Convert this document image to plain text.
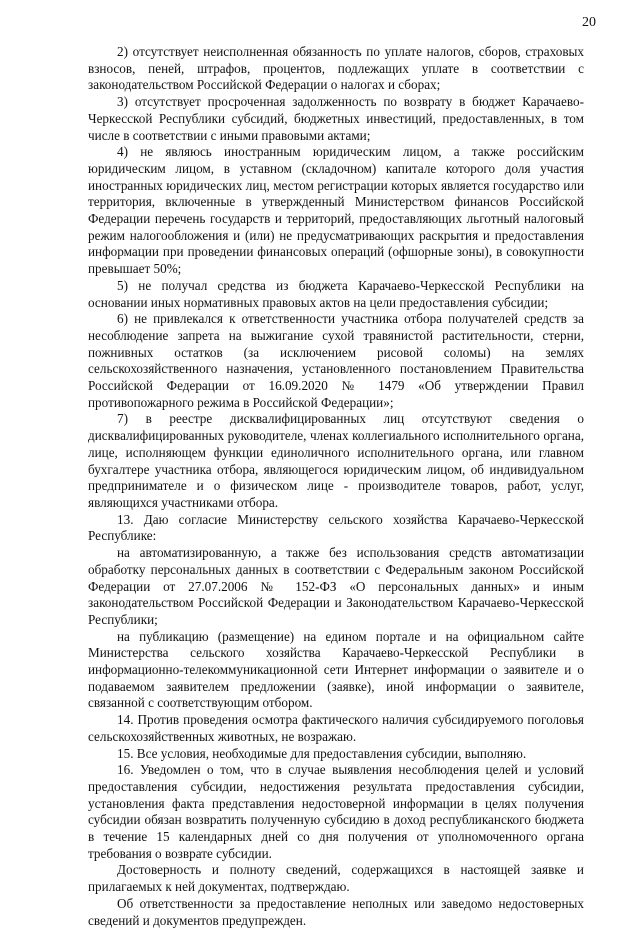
20

2) отсутствует неисполненная обязанность по уплате налогов, сборов, страховых взносов, пеней, штрафов, процентов, подлежащих уплате в соответствии с законодательством Российской Федерации о налогах и сборах;

3) отсутствует просроченная задолженность по возврату в бюджет Карачаево-Черкесской Республики субсидий, бюджетных инвестиций, предоставленных, в том числе в соответствии с иными правовыми актами;

4) не являюсь иностранным юридическим лицом, а также российским юридическим лицом, в уставном (складочном) капитале которого доля участия иностранных юридических лиц, местом регистрации которых является государство или территория, включенные в утвержденный Министерством финансов Российской Федерации перечень государств и территорий, предоставляющих льготный налоговый режим налогообложения и (или) не предусматривающих раскрытия и предоставления информации при проведении финансовых операций (офшорные зоны), в совокупности превышает 50%;

5) не получал средства из бюджета Карачаево-Черкесской Республики на основании иных нормативных правовых актов на цели предоставления субсидии;

6) не привлекался к ответственности участника отбора получателей средств за несоблюдение запрета на выжигание сухой травянистой растительности, стерни, пожнивных остатков (за исключением рисовой соломы) на землях сельскохозяйственного назначения, установленного постановлением Правительства Российской Федерации от 16.09.2020 № 1479 «Об утверждении Правил противопожарного режима в Российской Федерации»;

7) в реестре дисквалифицированных лиц отсутствуют сведения о дисквалифицированных руководителе, членах коллегиального исполнительного органа, лице, исполняющем функции единоличного исполнительного органа, или главном бухгалтере участника отбора, являющегося юридическим лицом, об индивидуальном предпринимателе и о физическом лице - производителе товаров, работ, услуг, являющихся участниками отбора.

13. Даю согласие Министерству сельского хозяйства Карачаево-Черкесской Республике:

на автоматизированную, а также без использования средств автоматизации обработку персональных данных в соответствии с Федеральным законом Российской Федерации от 27.07.2006 № 152-ФЗ «О персональных данных» и иным законодательством Российской Федерации и Законодательством Карачаево-Черкесской Республики;

на публикацию (размещение) на едином портале и на официальном сайте Министерства сельского хозяйства Карачаево-Черкесской Республики в информационно-телекоммуникационной сети Интернет информации о заявителе и о подаваемом заявителем предложении (заявке), иной информации о заявителе, связанной с соответствующим отбором.

14. Против проведения осмотра фактического наличия субсидируемого поголовья сельскохозяйственных животных, не возражаю.

15. Все условия, необходимые для предоставления субсидии, выполняю.

16. Уведомлен о том, что в случае выявления несоблюдения целей и условий предоставления субсидии, недостижения результата предоставления субсидии, установления факта представления недостоверной информации в целях получения субсидии обязан возвратить полученную субсидию в доход республиканского бюджета в течение 15 календарных дней со дня получения от уполномоченного органа требования о возврате субсидии.

Достоверность и полноту сведений, содержащихся в настоящей заявке и прилагаемых к ней документах, подтверждаю.

Об ответственности за предоставление неполных или заведомо недостоверных сведений и документов предупрежден.
